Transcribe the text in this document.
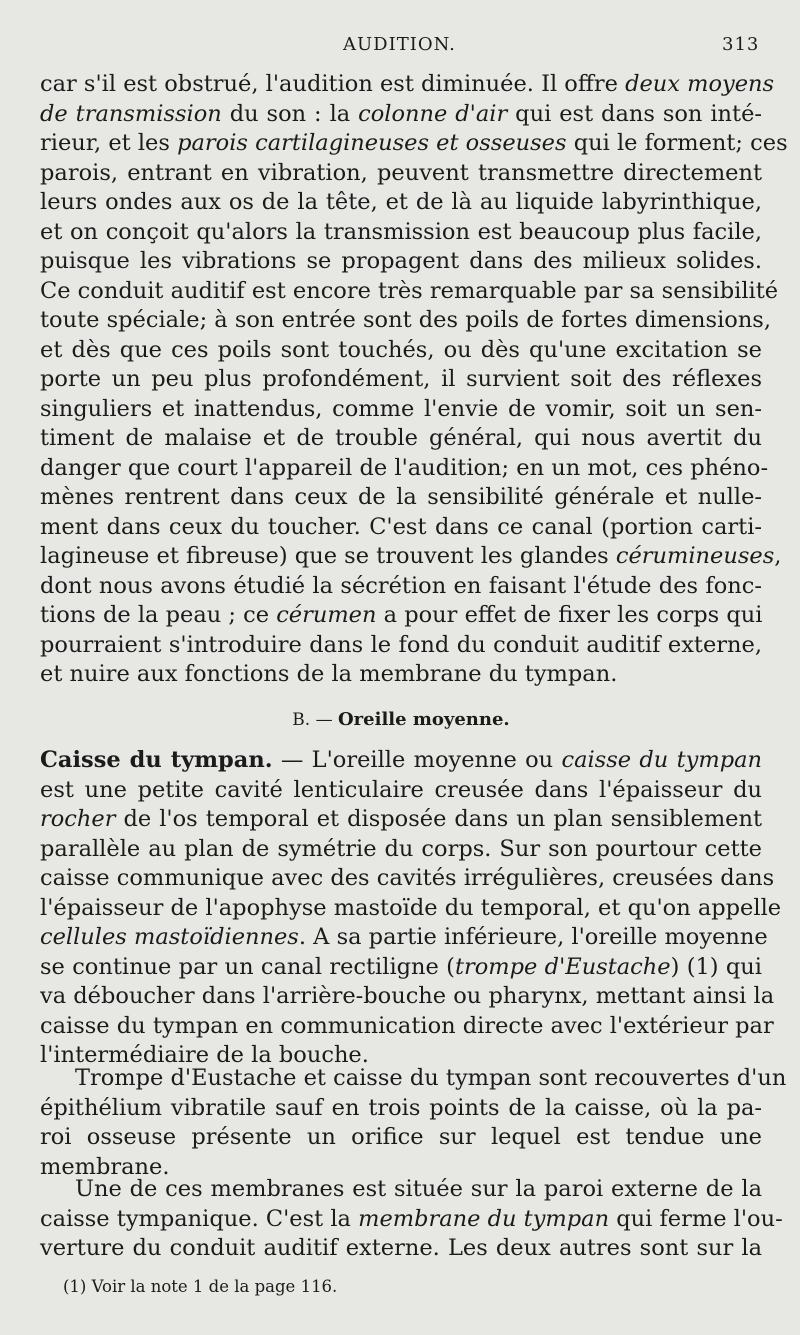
AUDITION.	313
car s'il est obstrué, l'audition est diminuée. Il offre deux moyens
de transmission du son : la colonne d'air qui est dans son inté-
rieur, et les parois cartilagineuses et osseuses qui le forment; ces
parois, entrant en vibration, peuvent transmettre directement
leurs ondes aux os de la tête, et de là au liquide labyrinthique,
et on conçoit qu'alors la transmission est beaucoup plus facile,
puisque les vibrations se propagent dans des milieux solides.
Ce conduit auditif est encore très remarquable par sa sensibilité
toute spéciale; à son entrée sont des poils de fortes dimensions,
et dès que ces poils sont touchés, ou dès qu'une excitation se
porte un peu plus profondément, il survient soit des réflexes
singuliers et inattendus, comme l'envie de vomir, soit un sen-
timent de malaise et de trouble général, qui nous avertit du
danger que court l'appareil de l'audition; en un mot, ces phéno-
mènes rentrent dans ceux de la sensibilité générale et nulle-
ment dans ceux du toucher. C'est dans ce canal (portion carti-
lagineuse et fibreuse) que se trouvent les glandes cérumineuses,
dont nous avons étudié la sécrétion en faisant l'étude des fonc-
tions de la peau ; ce cérumen a pour effet de fixer les corps qui
pourraient s'introduire dans le fond du conduit auditif externe,
et nuire aux fonctions de la membrane du tympan.
Caisse du tympan. — L'oreille moyenne ou caisse du tympan
est une petite cavité lenticulaire creusée dans l'épaisseur du
rocher de l'os temporal et disposée dans un plan sensiblement
parallèle au plan de symétrie du corps. Sur son pourtour cette
caisse communique avec des cavités irrégulières, creusées dans
l'épaisseur de l'apophyse mastoïde du temporal, et qu'on appelle
cellules mastoïdiennes. A sa partie inférieure, l'oreille moyenne
se continue par un canal rectiligne (trompe d'Eustache) (1) qui
va déboucher dans l'arrière-bouche ou pharynx, mettant ainsi la
caisse du tympan en communication directe avec l'extérieur par
l'intermédiaire de la bouche.
Trompe d'Eustache et caisse du tympan sont recouvertes d'un
épithélium vibratile sauf en trois points de la caisse, où la pa-
roi osseuse présente un orifice sur lequel est tendue une
membrane.
Une de ces membranes est située sur la paroi externe de la
caisse tympanique. C'est la membrane du tympan qui ferme l'ou-
verture du conduit auditif externe. Les deux autres sont sur la
B. — Oreille moyenne.
(1) Voir la note 1 de la page 116.
